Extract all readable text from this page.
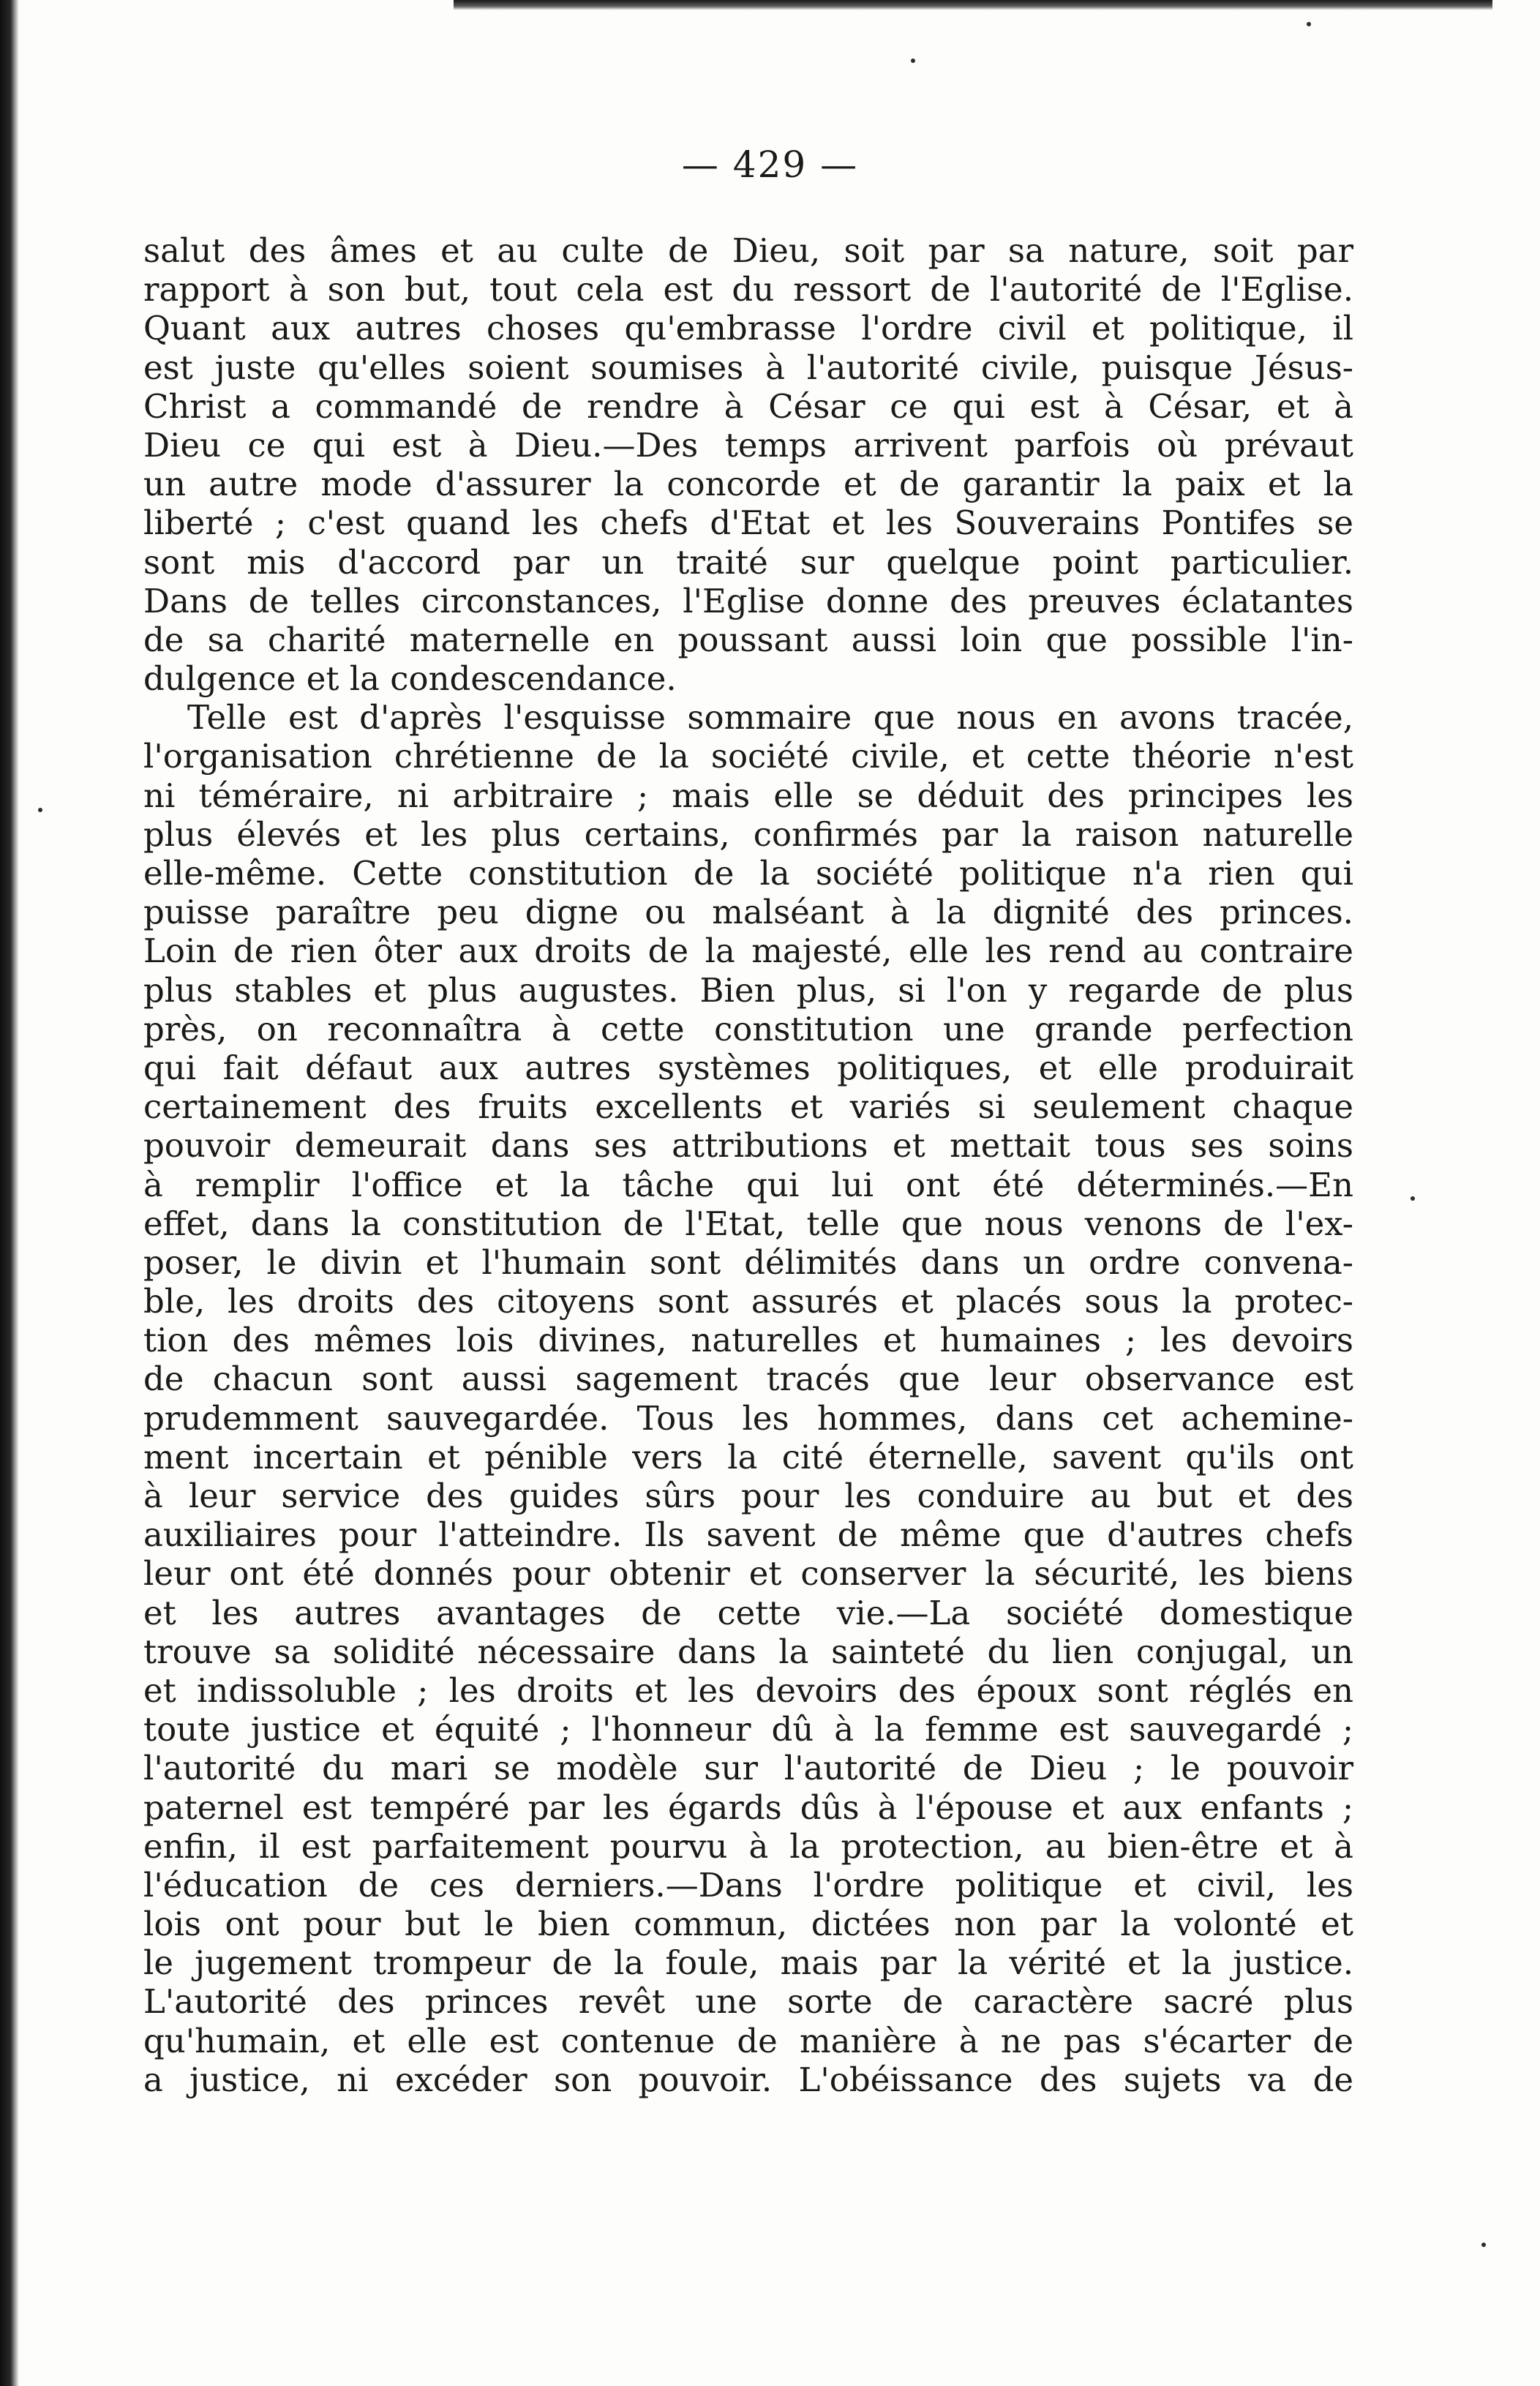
— 429 —
salut des âmes et au culte de Dieu, soit par sa nature, soit par
rapport à son but, tout cela est du ressort de l'autorité de l'Eglise.
Quant aux autres choses qu'embrasse l'ordre civil et politique, il
est juste qu'elles soient soumises à l'autorité civile, puisque Jésus-
Christ a commandé de rendre à César ce qui est à César, et à
Dieu ce qui est à Dieu.—Des temps arrivent parfois où prévaut
un autre mode d'assurer la concorde et de garantir la paix et la
liberté ; c'est quand les chefs d'Etat et les Souverains Pontifes se
sont mis d'accord par un traité sur quelque point particulier.
Dans de telles circonstances, l'Eglise donne des preuves éclatantes
de sa charité maternelle en poussant aussi loin que possible l'in-
dulgence et la condescendance.
Telle est d'après l'esquisse sommaire que nous en avons tracée,
l'organisation chrétienne de la société civile, et cette théorie n'est
ni téméraire, ni arbitraire ; mais elle se déduit des principes les
plus élevés et les plus certains, confirmés par la raison naturelle
elle-même. Cette constitution de la société politique n'a rien qui
puisse paraître peu digne ou malséant à la dignité des princes.
Loin de rien ôter aux droits de la majesté, elle les rend au contraire
plus stables et plus augustes. Bien plus, si l'on y regarde de plus
près, on reconnaîtra à cette constitution une grande perfection
qui fait défaut aux autres systèmes politiques, et elle produirait
certainement des fruits excellents et variés si seulement chaque
pouvoir demeurait dans ses attributions et mettait tous ses soins
à remplir l'office et la tâche qui lui ont été déterminés.—En
effet, dans la constitution de l'Etat, telle que nous venons de l'ex-
poser, le divin et l'humain sont délimités dans un ordre convena-
ble, les droits des citoyens sont assurés et placés sous la protec-
tion des mêmes lois divines, naturelles et humaines ; les devoirs
de chacun sont aussi sagement tracés que leur observance est
prudemment sauvegardée. Tous les hommes, dans cet achemine-
ment incertain et pénible vers la cité éternelle, savent qu'ils ont
à leur service des guides sûrs pour les conduire au but et des
auxiliaires pour l'atteindre. Ils savent de même que d'autres chefs
leur ont été donnés pour obtenir et conserver la sécurité, les biens
et les autres avantages de cette vie.—La société domestique
trouve sa solidité nécessaire dans la sainteté du lien conjugal, un
et indissoluble ; les droits et les devoirs des époux sont réglés en
toute justice et équité ; l'honneur dû à la femme est sauvegardé ;
l'autorité du mari se modèle sur l'autorité de Dieu ; le pouvoir
paternel est tempéré par les égards dûs à l'épouse et aux enfants ;
enfin, il est parfaitement pourvu à la protection, au bien-être et à
l'éducation de ces derniers.—Dans l'ordre politique et civil, les
lois ont pour but le bien commun, dictées non par la volonté et
le jugement trompeur de la foule, mais par la vérité et la justice.
L'autorité des princes revêt une sorte de caractère sacré plus
qu'humain, et elle est contenue de manière à ne pas s'écarter de
a justice, ni excéder son pouvoir. L'obéissance des sujets va de
